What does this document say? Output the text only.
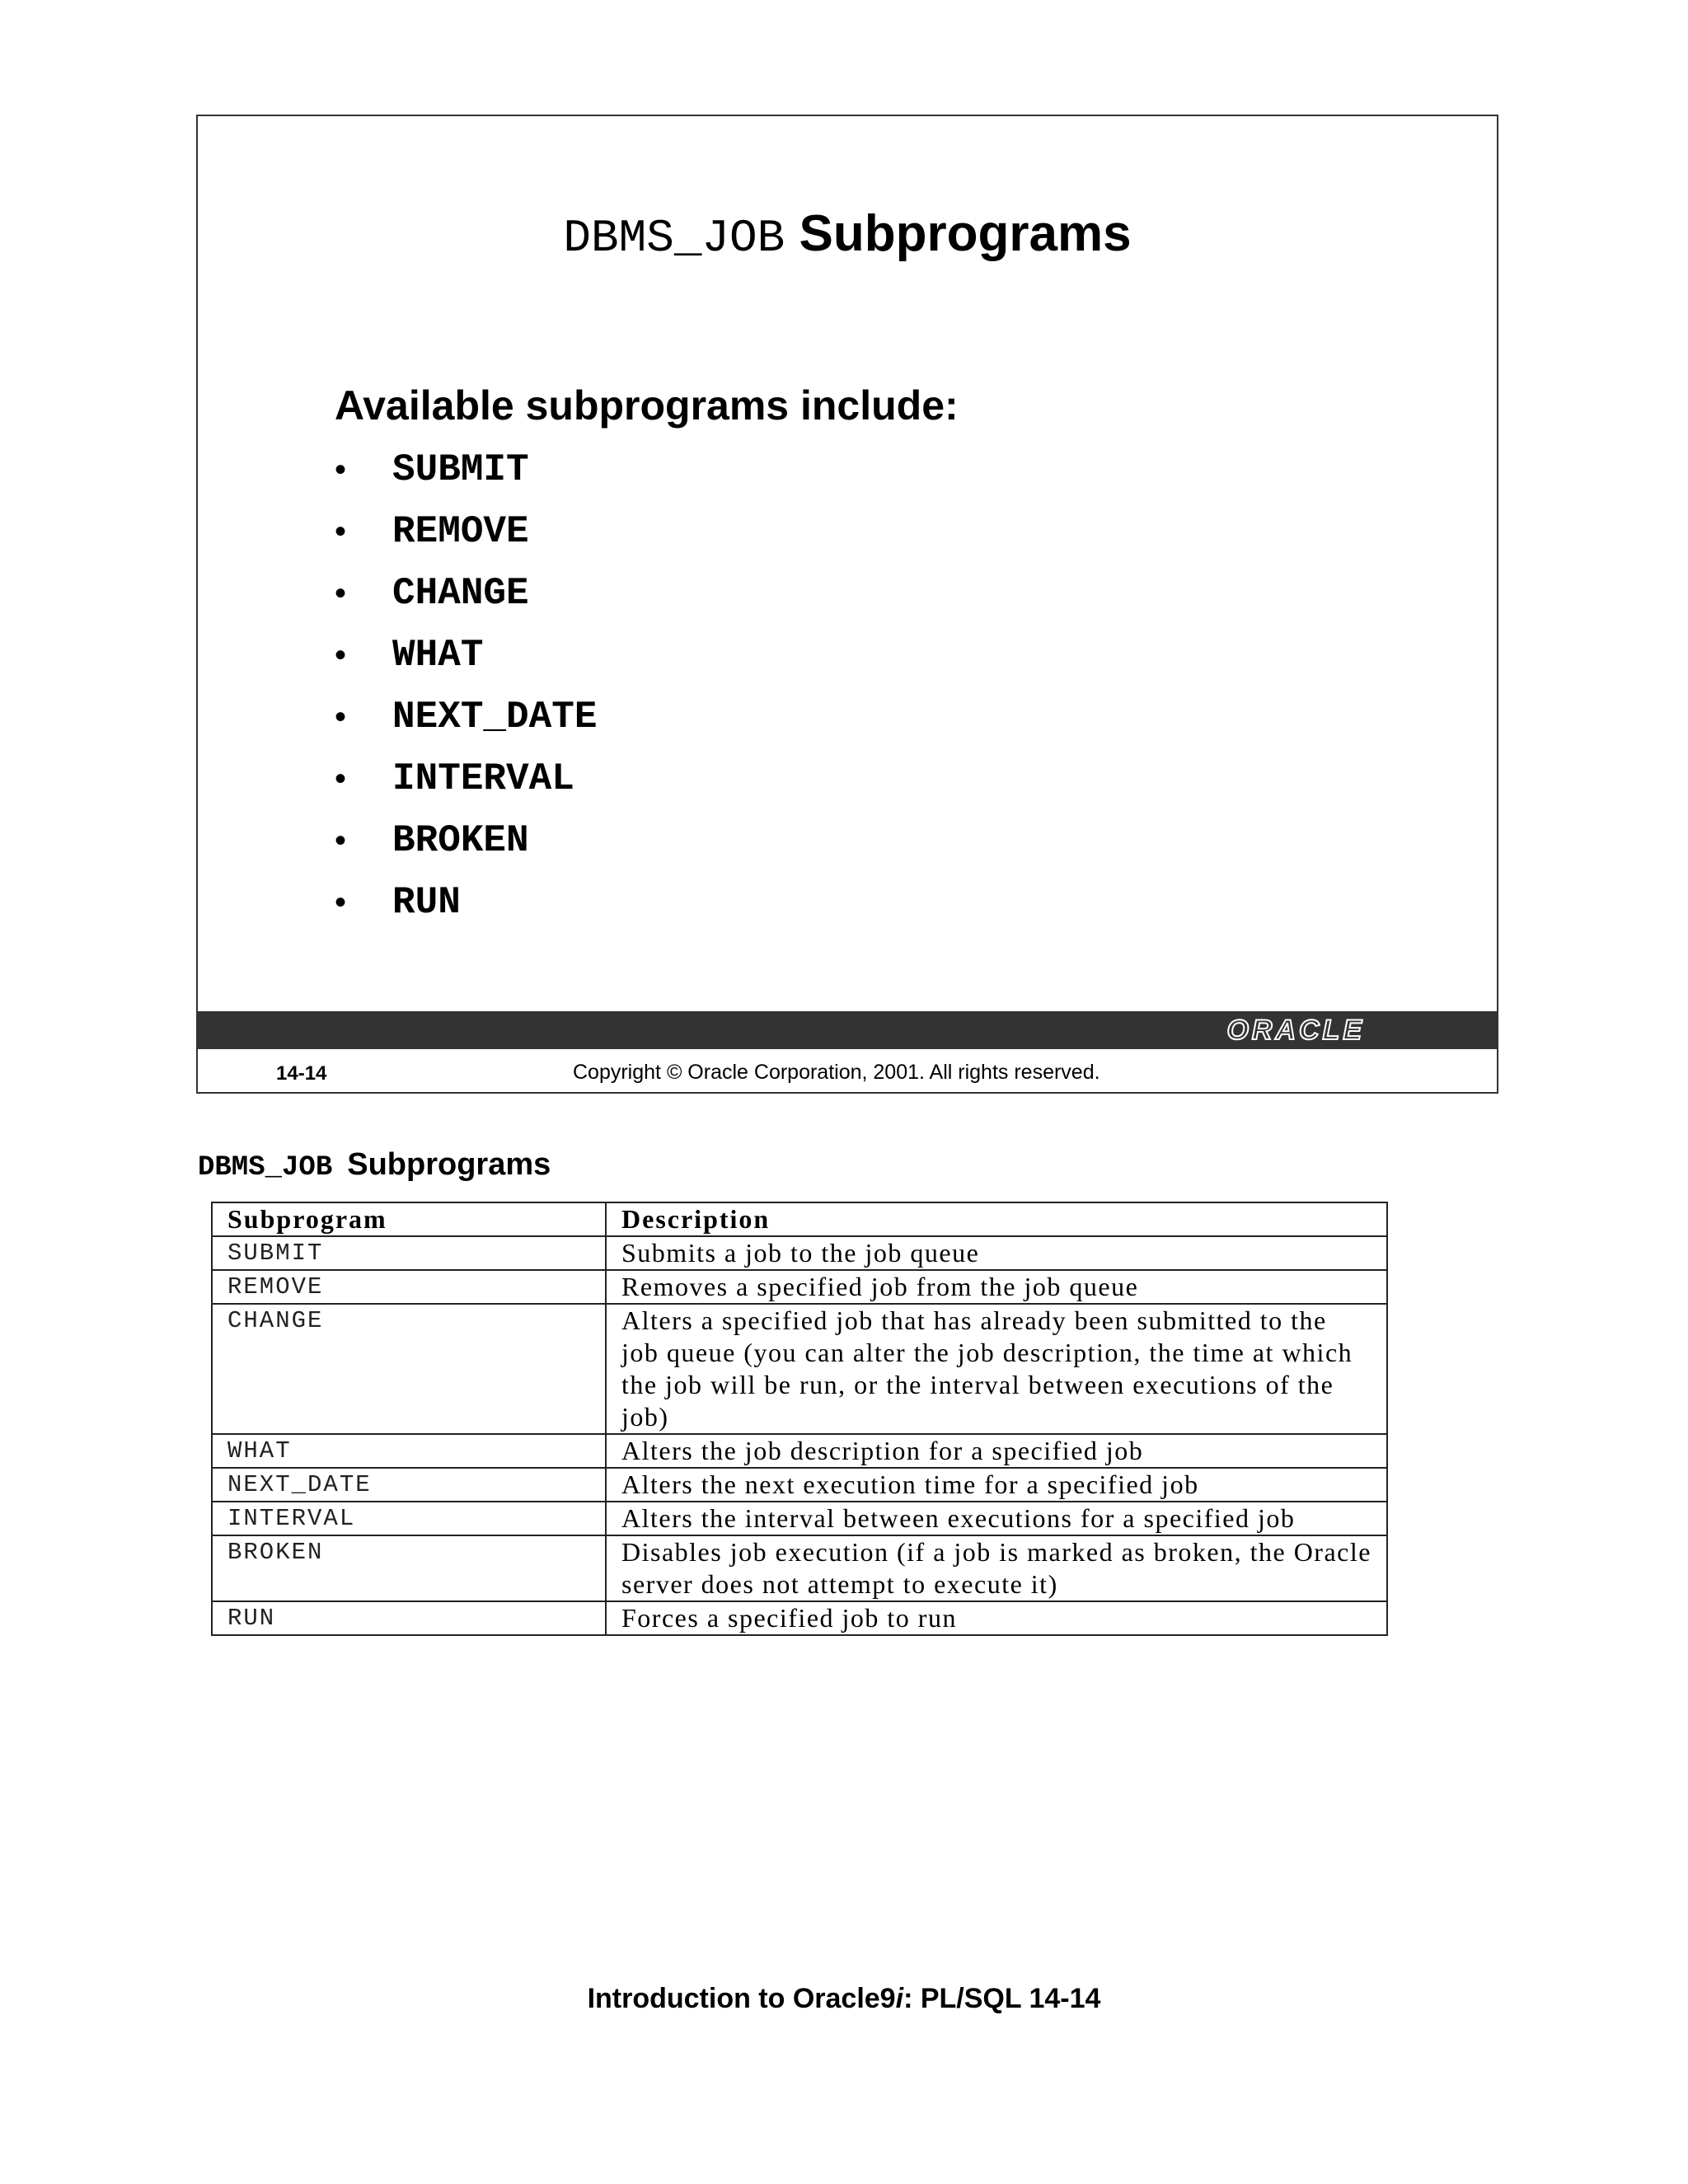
DBMS_JOB Subprograms
Available subprograms include:
• SUBMIT
• REMOVE
• CHANGE
• WHAT
• NEXT_DATE
• INTERVAL
• BROKEN
• RUN
ORACLE
14-14	Copyright © Oracle Corporation, 2001. All rights reserved.
DBMS_JOB Subprograms
Subprogram	Description
SUBMIT	Submits a job to the job queue
REMOVE	Removes a specified job from the job queue
CHANGE	Alters a specified job that has already been submitted to the job queue (you can alter the job description, the time at which the job will be run, or the interval between executions of the job)
WHAT	Alters the job description for a specified job
NEXT_DATE	Alters the next execution time for a specified job
INTERVAL	Alters the interval between executions for a specified job
BROKEN	Disables job execution (if a job is marked as broken, the Oracle server does not attempt to execute it)
RUN	Forces a specified job to run
Introduction to Oracle9i: PL/SQL 14-14
